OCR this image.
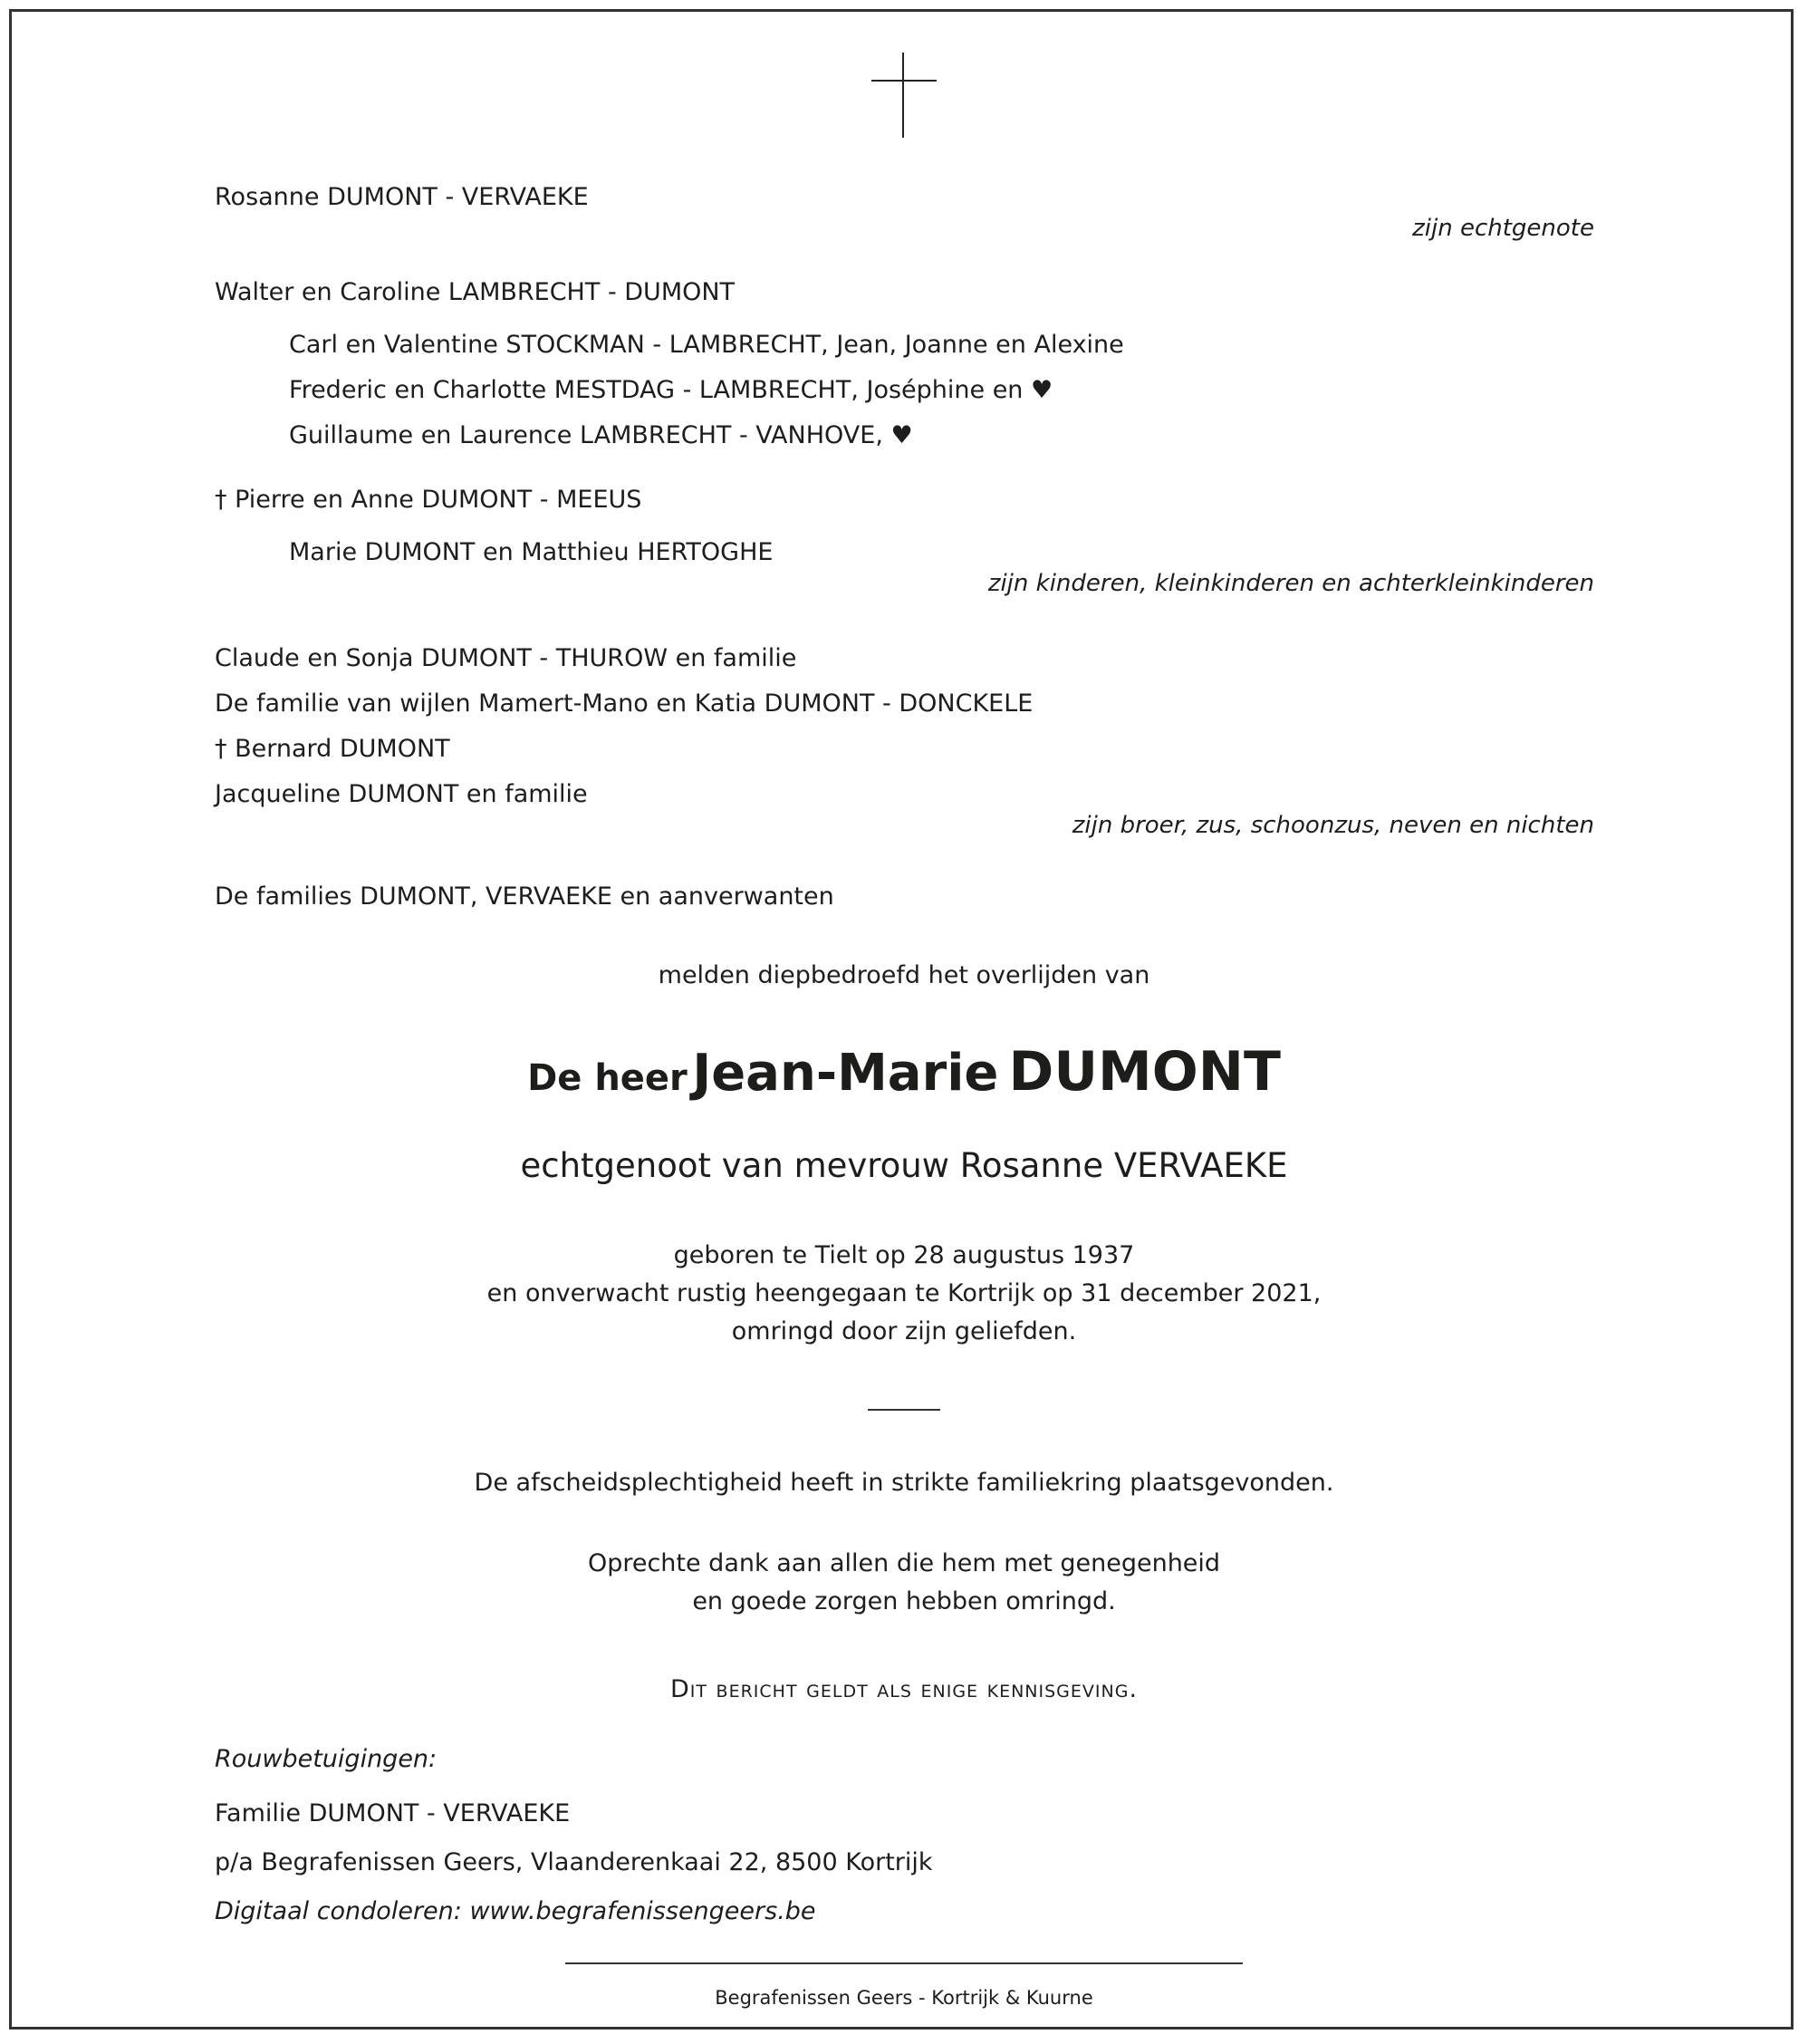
Rosanne DUMONT - VERVAEKE
zijn echtgenote
Walter en Caroline LAMBRECHT - DUMONT
Carl en Valentine STOCKMAN - LAMBRECHT, Jean, Joanne en Alexine
Frederic en Charlotte MESTDAG - LAMBRECHT, Joséphine en ♥
Guillaume en Laurence LAMBRECHT - VANHOVE, ♥
† Pierre en Anne DUMONT - MEEUS
Marie DUMONT en Matthieu HERTOGHE
zijn kinderen, kleinkinderen en achterkleinkinderen
Claude en Sonja DUMONT - THUROW en familie
De familie van wijlen Mamert-Mano en Katia DUMONT - DONCKELE
† Bernard DUMONT
Jacqueline DUMONT en familie
zijn broer, zus, schoonzus, neven en nichten
De families DUMONT, VERVAEKE en aanverwanten
melden diepbedroefd het overlijden van
De heer Jean-Marie DUMONT
echtgenoot van mevrouw Rosanne VERVAEKE
geboren te Tielt op 28 augustus 1937
en onverwacht rustig heengegaan te Kortrijk op 31 december 2021,
omringd door zijn geliefden.
De afscheidsplechtigheid heeft in strikte familiekring plaatsgevonden.
Oprechte dank aan allen die hem met genegenheid
en goede zorgen hebben omringd.
Dit bericht geldt als enige kennisgeving.
Rouwbetuigingen:
Familie DUMONT - VERVAEKE
p/a Begrafenissen Geers, Vlaanderenkaai 22, 8500 Kortrijk
Digitaal condoleren: www.begrafenissengeers.be
Begrafenissen Geers - Kortrijk & Kuurne
